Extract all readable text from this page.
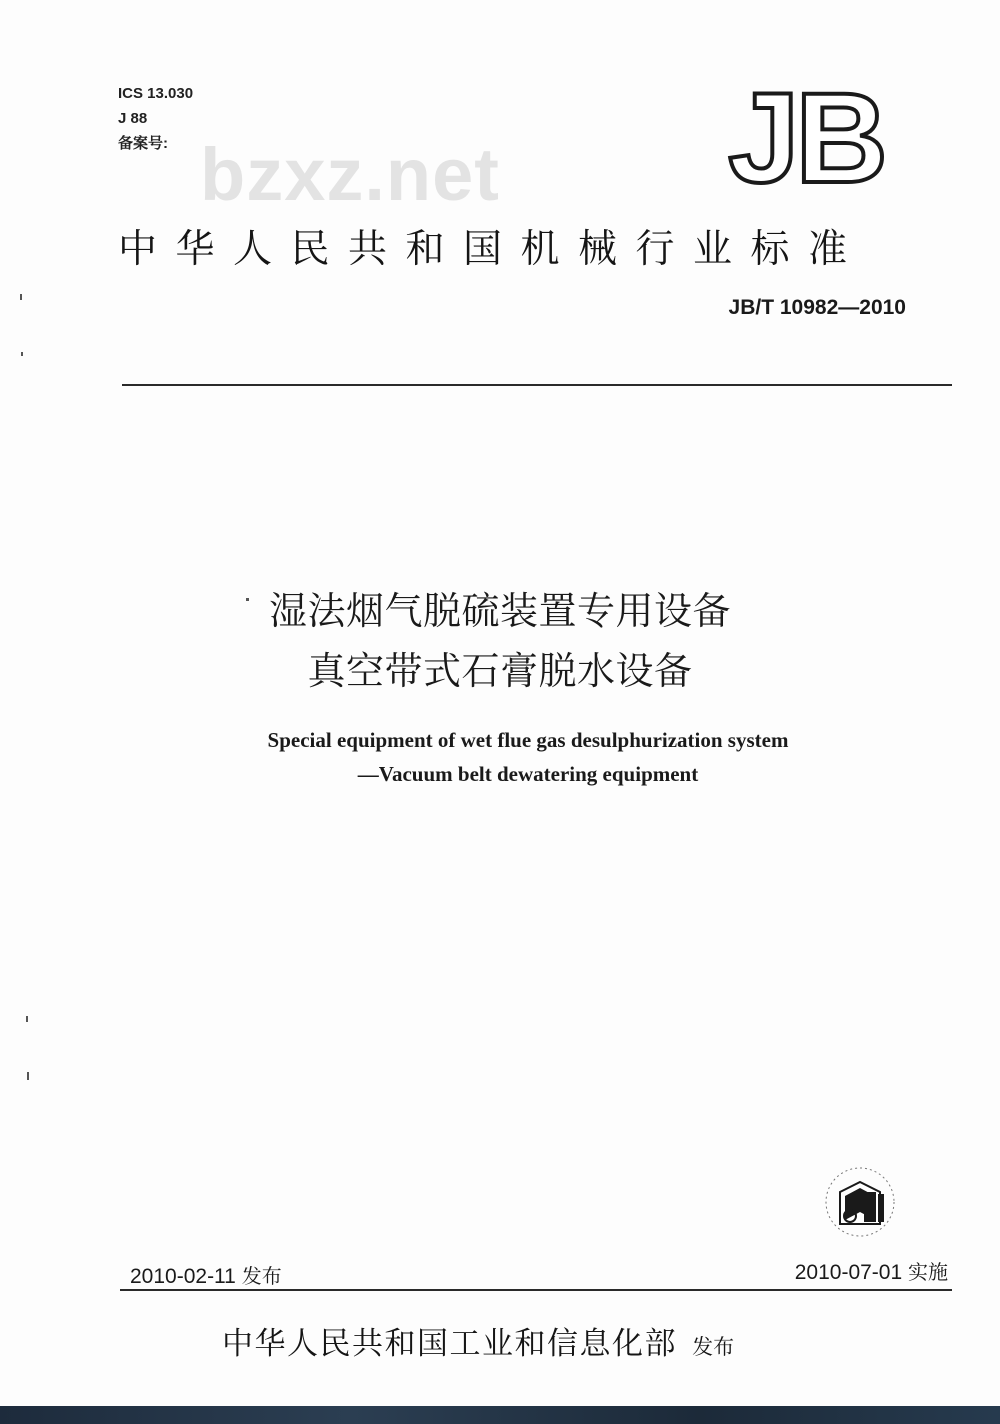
ICS 13.030
J 88
备案号: bzxz.net JB
中华人民共和国机械行业标准
JB/T 10982—2010
湿法烟气脱硫装置专用设备
真空带式石膏脱水设备
Special equipment of wet flue gas desulphurization system
—Vacuum belt dewatering equipment
2010-02-11 发布	2010-07-01 实施
中华人民共和国工业和信息化部 发布
